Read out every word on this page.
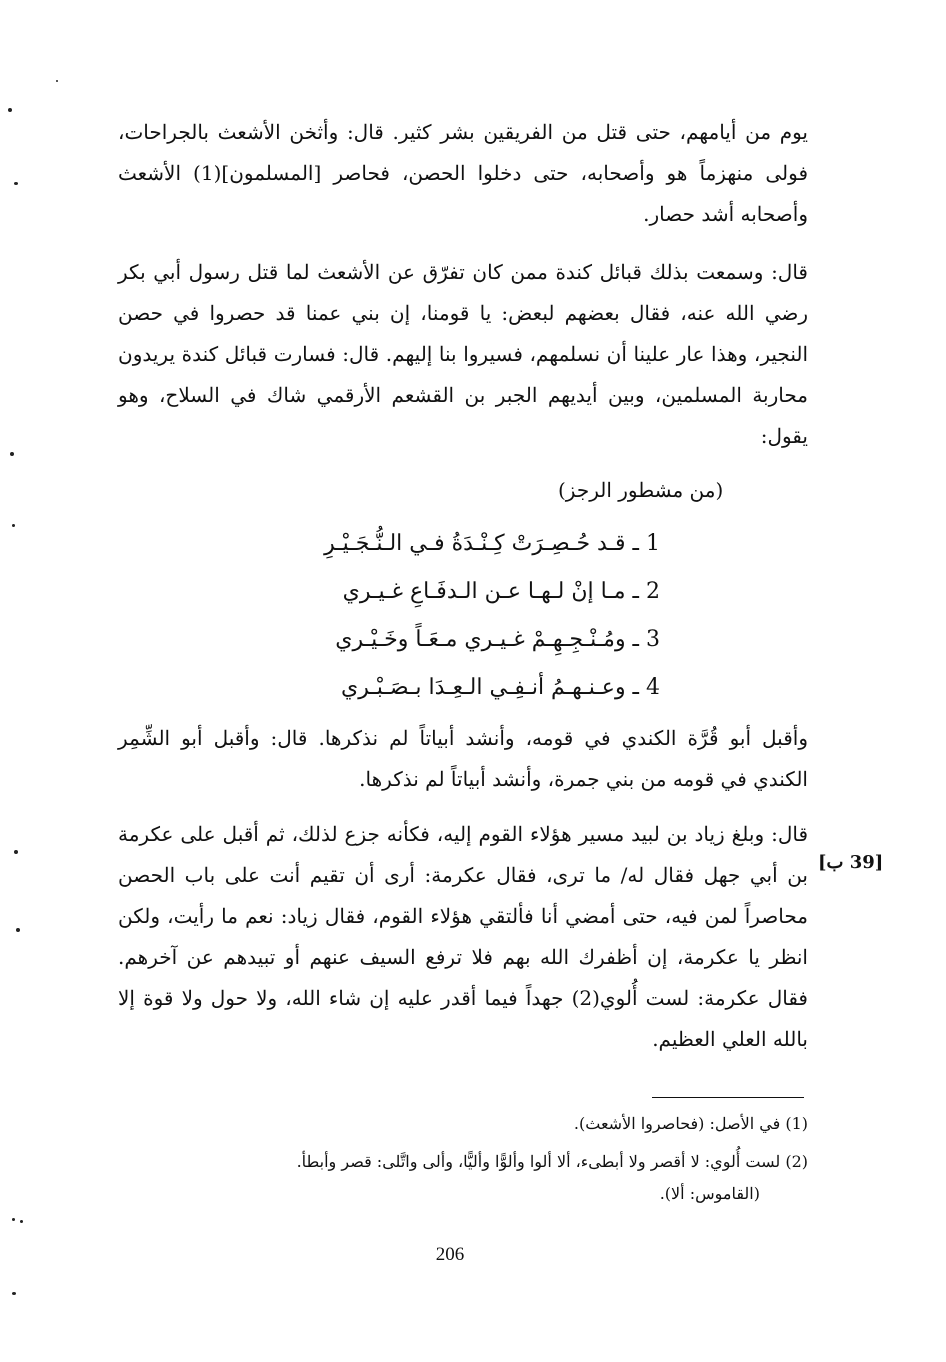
يوم من أيامهم، حتى قتل من الفريقين بشر كثير. قال: وأثخن الأشعث بالجراحات، فولى منهزماً هو وأصحابه، حتى دخلوا الحصن، فحاصر [المسلمون](1) الأشعث وأصحابه أشد حصار.

قال: وسمعت بذلك قبائل كندة ممن كان تفرّق عن الأشعث لما قتل رسول أبي بكر رضي الله عنه، فقال بعضهم لبعض: يا قومنا، إن بني عمنا قد حصروا في حصن النجير، وهذا عار علينا أن نسلمهم، فسيروا بنا إليهم. قال: فسارت قبائل كندة يريدون محاربة المسلمين، وبين أيديهم الجبر بن القشعم الأرقمي شاك في السلاح، وهو يقول:

(من مشطور الرجز)
1 ـ قـد حُـصِـرَتْ كِـنْـدَةُ فـي الـنُّـجَـيْـرِ
2 ـ مـا إنْ لـهـا عـن الـدفَـاعِ غـيـري
3 ـ ومُـنْـجِـهِـمْ غـيـري مـعَـاً وخَـيْـري
4 ـ وعـنـهـمُ أنـفِـي الـعِـدَا بـصَـبْـري

وأقبل أبو قُرَّة الكندي في قومه، وأنشد أبياتاً لم نذكرها. قال: وأقبل أبو الشِّمِر الكندي في قومه من بني جمرة، وأنشد أبياتاً لم نذكرها.

قال: وبلغ زياد بن لبيد مسير هؤلاء القوم إليه، فكأنه جزع لذلك، ثم أقبل على عكرمة بن أبي جهل فقال له/ ما ترى، فقال عكرمة: أرى أن تقيم أنت على باب الحصن محاصراً لمن فيه، حتى أمضي أنا فألتقي هؤلاء القوم، فقال زياد: نعم ما رأيت، ولكن انظر يا عكرمة، إن أظفرك الله بهم فلا ترفع السيف عنهم أو تبيدهم عن آخرهم. فقال عكرمة: لست أُلوي(2) جهداً فيما أقدر عليه إن شاء الله، ولا حول ولا قوة إلا بالله العلي العظيم.

[39 ب]

(1) في الأصل: (فحاصروا الأشعث).

(2) لست أُلوي: لا أقصر ولا أبطىء، ألا ألوا وألوًّا وأليًّا، وألى واتَّلى: قصر وأبطأ.

(القاموس: ألا).

206
